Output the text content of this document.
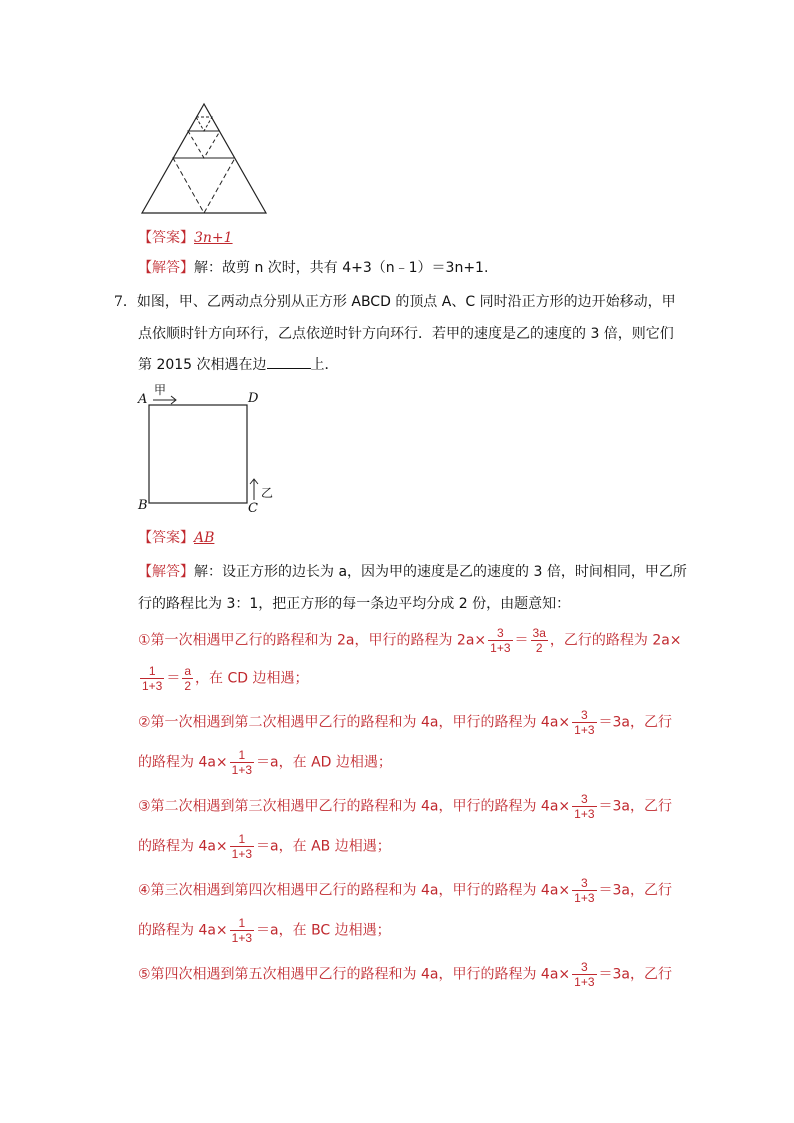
【答案】3n+1
【解答】解：故剪 n 次时，共有 4+3（n﹣1）＝3n+1.
7．如图，甲、乙两动点分别从正方形 ABCD 的顶点 A、C 同时沿正方形的边开始移动，甲
点依顺时针方向环行，乙点依逆时针方向环行．若甲的速度是乙的速度的 3 倍，则它们
第 2015 次相遇在边	上．
A	D
B	C
甲
乙
【答案】AB
【解答】解：设正方形的边长为 a，因为甲的速度是乙的速度的 3 倍，时间相同，甲乙所
行的路程比为 3：1，把正方形的每一条边平均分成 2 份，由题意知：
①第一次相遇甲乙行的路程和为 2a，甲行的路程为 $2a\times \frac{3}{1+3} = \frac{3a}{2}$ ，乙行的路程为 2a×
$\frac{1}{1+3} = \frac{a}{2}$ ，在 CD 边相遇；
②第一次相遇到第二次相遇甲乙行的路程和为 4a，甲行的路程为 $4a\times \frac{3}{1+3} =3a$，乙行
的路程为 $4a\times \frac{1}{1+3} =a$，在 AD 边相遇；
③第二次相遇到第三次相遇甲乙行的路程和为 4a，甲行的路程为 $4a\times \frac{3}{1+3} =3a$，乙行
的路程为 $4a\times \frac{1}{1+3} =a$，在 AB 边相遇；
④第三次相遇到第四次相遇甲乙行的路程和为 4a，甲行的路程为 $4a\times \frac{3}{1+3} =3a$，乙行
的路程为 $4a\times \frac{1}{1+3} =a$，在 BC 边相遇；
⑤第四次相遇到第五次相遇甲乙行的路程和为 4a，甲行的路程为 $4a\times \frac{3}{1+3} =3a$，乙行
